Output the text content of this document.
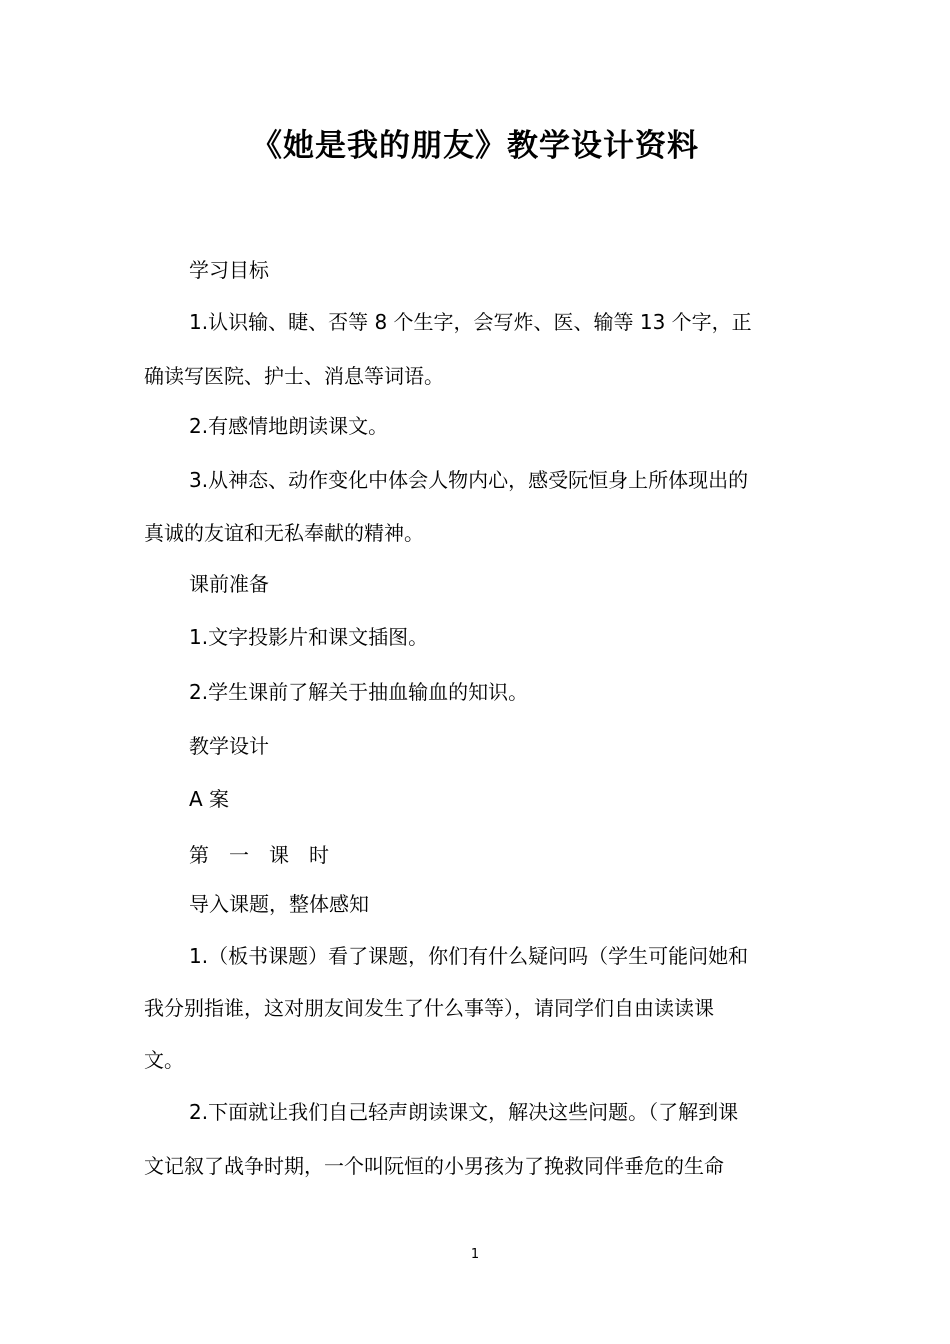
《她是我的朋友》教学设计资料
学习目标
1.认识输、睫、否等 8 个生字，会写炸、医、输等 13 个字，正
确读写医院、护士、消息等词语。
2.有感情地朗读课文。
3.从神态、动作变化中体会人物内心，感受阮恒身上所体现出的
真诚的友谊和无私奉献的精神。
课前准备
1.文字投影片和课文插图。
2.学生课前了解关于抽血输血的知识。
教学设计
A 案
第　一　课　时
导入课题，整体感知
1.（板书课题）看了课题，你们有什么疑问吗（学生可能问她和
我分别指谁，这对朋友间发生了什么事等），请同学们自由读读课
文。
2.下面就让我们自己轻声朗读课文，解决这些问题。（了解到课
文记叙了战争时期，一个叫阮恒的小男孩为了挽救同伴垂危的生命
1
